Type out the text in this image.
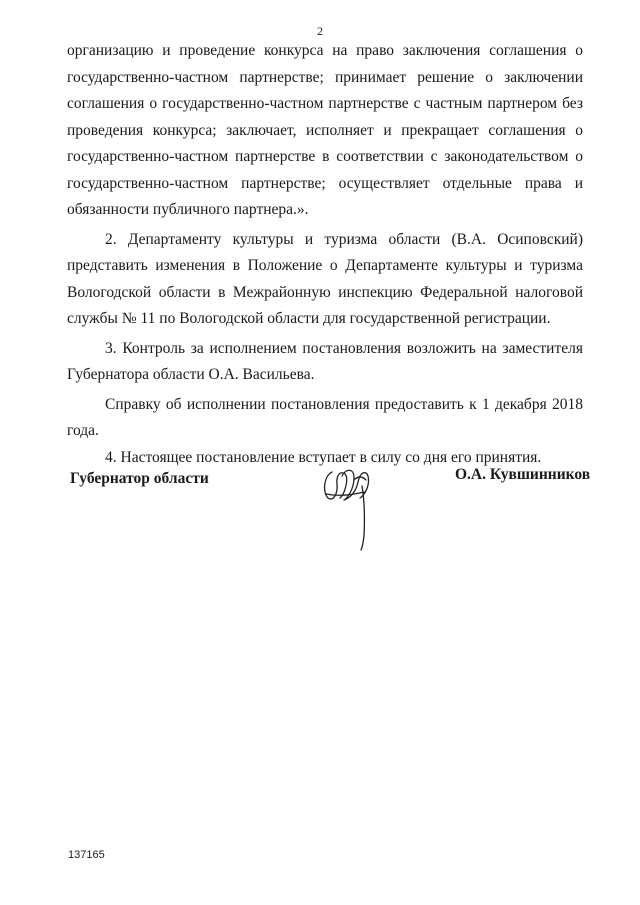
2

организацию и проведение конкурса на право заключения соглашения о государственно-частном партнерстве; принимает решение о заключении соглашения о государственно-частном партнерстве с частным партнером без проведения конкурса; заключает, исполняет и прекращает соглашения о государственно-частном партнерстве в соответствии с законодательством о государственно-частном партнерстве; осуществляет отдельные права и обязанности публичного партнера.».

2. Департаменту культуры и туризма области (В.А. Осиповский) представить изменения в Положение о Департаменте культуры и туризма Вологодской области в Межрайонную инспекцию Федеральной налоговой службы № 11 по Вологодской области для государственной регистрации.

3. Контроль за исполнением постановления возложить на заместителя Губернатора области О.А. Васильева.

Справку об исполнении постановления предоставить к 1 декабря 2018 года.

4. Настоящее постановление вступает в силу со дня его принятия.

Губернатор области	О.А. Кувшинников
137165
